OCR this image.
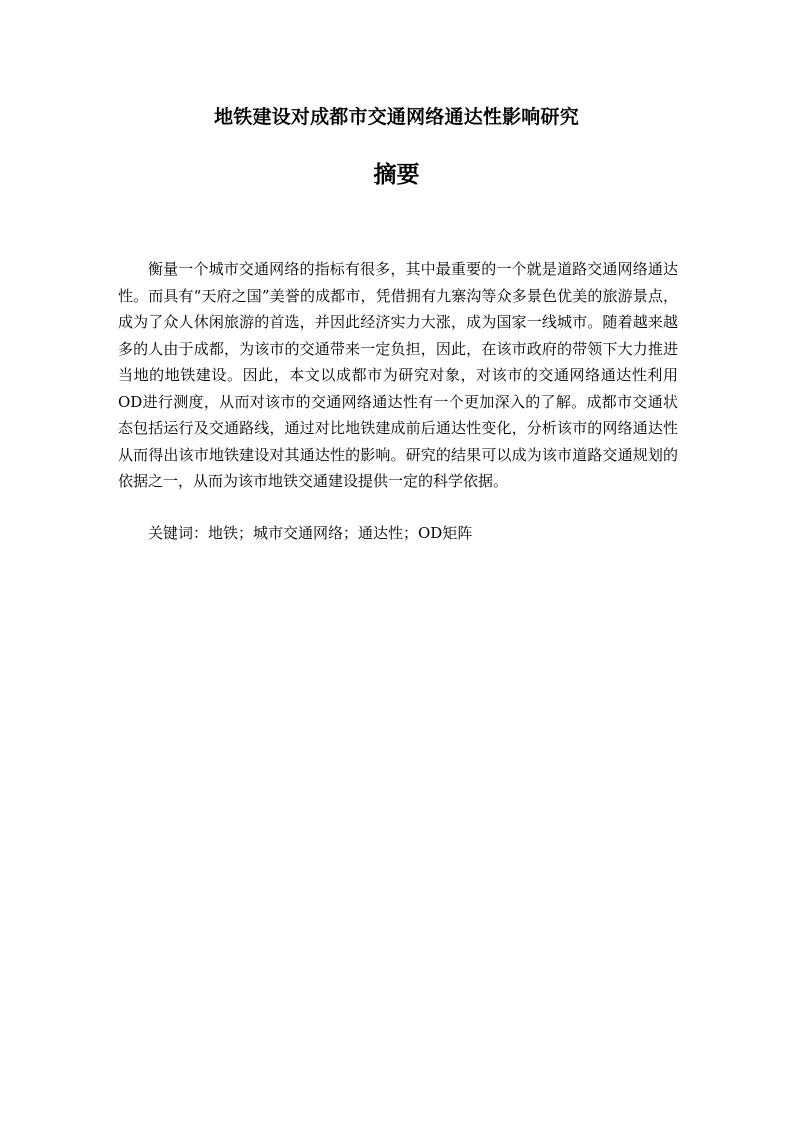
地铁建设对成都市交通网络通达性影响研究
摘要

衡量一个城市交通网络的指标有很多，其中最重要的一个就是道路交通网络通达性。而具有“天府之国”美誉的成都市，凭借拥有九寨沟等众多景色优美的旅游景点，成为了众人休闲旅游的首选，并因此经济实力大涨，成为国家一线城市。随着越来越多的人由于成都，为该市的交通带来一定负担，因此，在该市政府的带领下大力推进当地的地铁建设。因此，本文以成都市为研究对象，对该市的交通网络通达性利用OD进行测度，从而对该市的交通网络通达性有一个更加深入的了解。成都市交通状态包括运行及交通路线，通过对比地铁建成前后通达性变化，分析该市的网络通达性从而得出该市地铁建设对其通达性的影响。研究的结果可以成为该市道路交通规划的依据之一，从而为该市地铁交通建设提供一定的科学依据。

关键词：地铁；城市交通网络；通达性；OD矩阵
